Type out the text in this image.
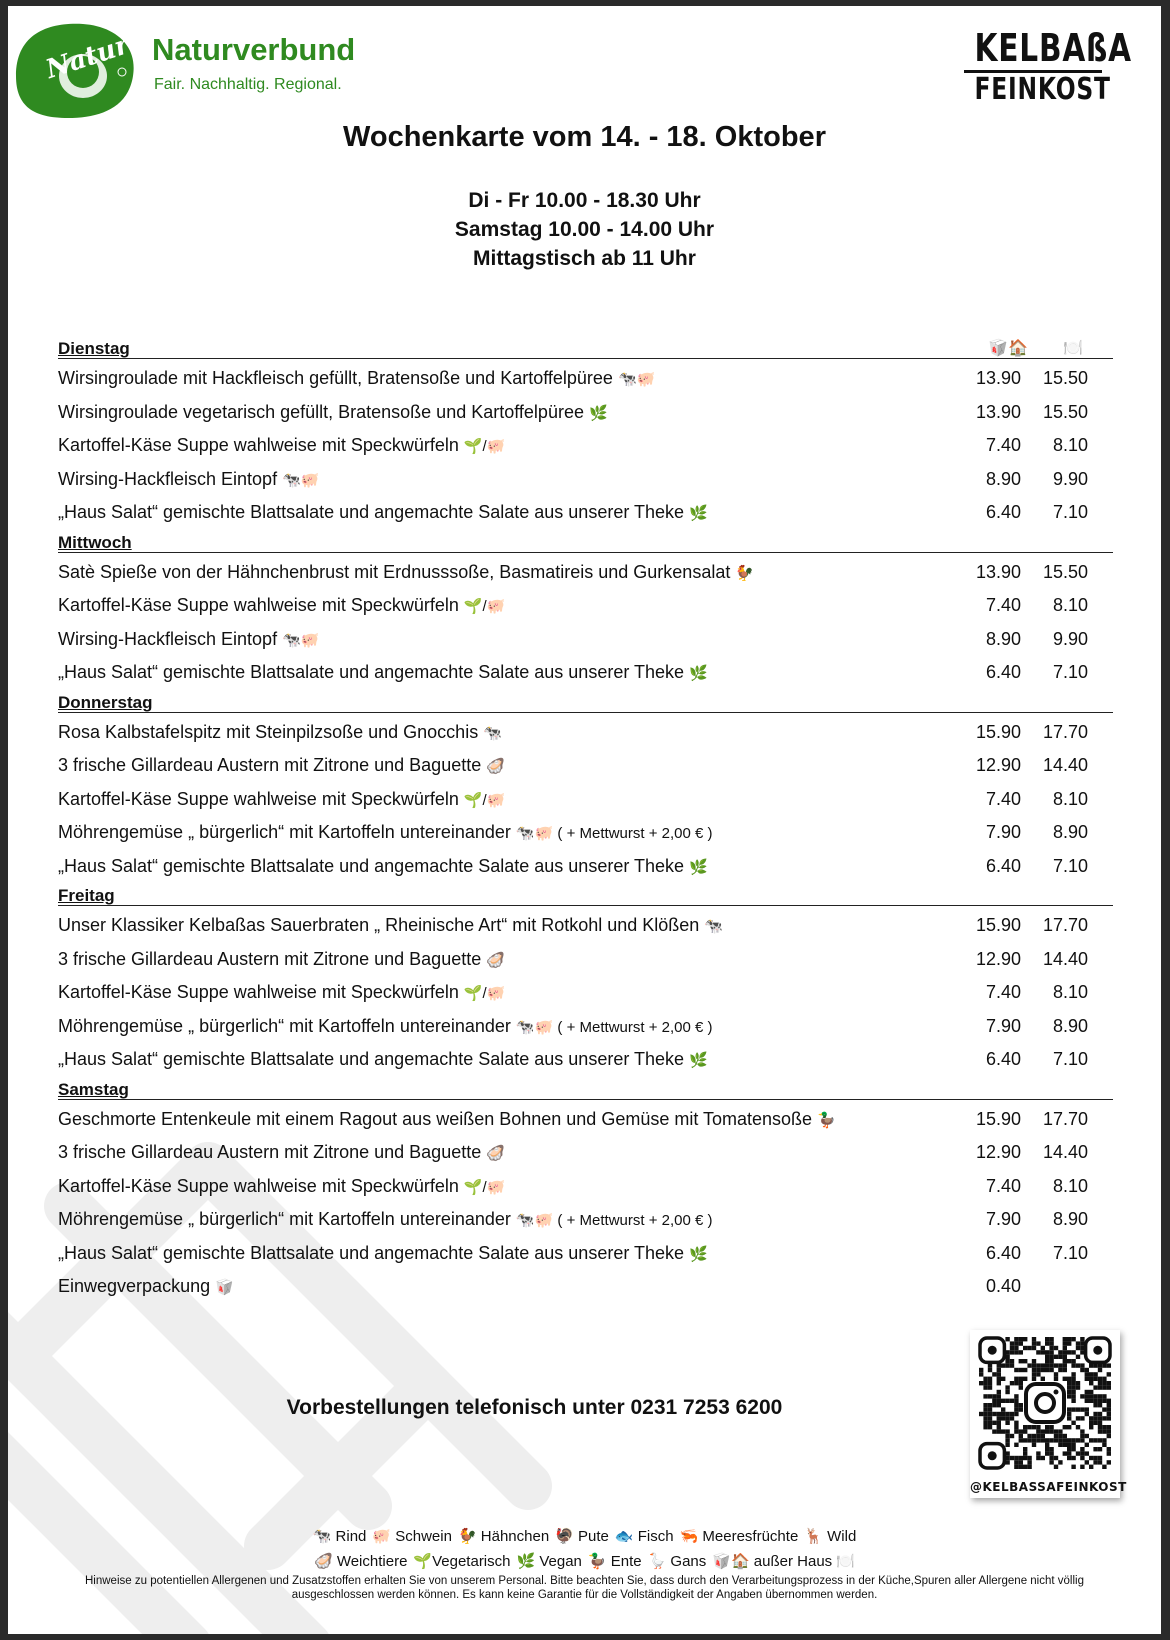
Natur Naturverbund
Fair. Nachhaltig. Regional.
KELBAßA
FEINKOST
Wochenkarte vom 14. - 18. Oktober
Di - Fr 10.00 - 18.30 Uhr
Samstag 10.00 - 14.00 Uhr
Mittagstisch ab 11 Uhr
Dienstag	🥡🏠 🍽️
Wirsingroulade mit Hackfleisch gefüllt, Bratensoße und Kartoffelpüree 🐄🐖	13.90 15.50
Wirsingroulade vegetarisch gefüllt, Bratensoße und Kartoffelpüree 🌿	13.90 15.50
Kartoffel-Käse Suppe wahlweise mit Speckwürfeln 🌱/🐖	7.40 8.10
Wirsing-Hackfleisch Eintopf 🐄🐖	8.90 9.90
„Haus Salat“ gemischte Blattsalate und angemachte Salate aus unserer Theke 🌿	6.40 7.10
Mittwoch
Satè Spieße von der Hähnchenbrust mit Erdnusssoße, Basmatireis und Gurkensalat 🐓	13.90 15.50
Kartoffel-Käse Suppe wahlweise mit Speckwürfeln 🌱/🐖	7.40 8.10
Wirsing-Hackfleisch Eintopf 🐄🐖	8.90 9.90
„Haus Salat“ gemischte Blattsalate und angemachte Salate aus unserer Theke 🌿	6.40 7.10
Donnerstag
Rosa Kalbstafelspitz mit Steinpilzsoße und Gnocchis 🐄	15.90 17.70
3 frische Gillardeau Austern mit Zitrone und Baguette 🦪	12.90 14.40
Kartoffel-Käse Suppe wahlweise mit Speckwürfeln 🌱/🐖	7.40 8.10
Möhrengemüse „ bürgerlich“ mit Kartoffeln untereinander 🐄🐖 ( + Mettwurst + 2,00 € )	7.90 8.90
„Haus Salat“ gemischte Blattsalate und angemachte Salate aus unserer Theke 🌿	6.40 7.10
Freitag
Unser Klassiker Kelbaßas Sauerbraten „ Rheinische Art“ mit Rotkohl und Klößen 🐄	15.90 17.70
3 frische Gillardeau Austern mit Zitrone und Baguette 🦪	12.90 14.40
Kartoffel-Käse Suppe wahlweise mit Speckwürfeln 🌱/🐖	7.40 8.10
Möhrengemüse „ bürgerlich“ mit Kartoffeln untereinander 🐄🐖 ( + Mettwurst + 2,00 € )	7.90 8.90
„Haus Salat“ gemischte Blattsalate und angemachte Salate aus unserer Theke 🌿	6.40 7.10
Samstag
Geschmorte Entenkeule mit einem Ragout aus weißen Bohnen und Gemüse mit Tomatensoße 🦆	15.90 17.70
3 frische Gillardeau Austern mit Zitrone und Baguette 🦪	12.90 14.40
Kartoffel-Käse Suppe wahlweise mit Speckwürfeln 🌱/🐖	7.40 8.10
Möhrengemüse „ bürgerlich“ mit Kartoffeln untereinander 🐄🐖 ( + Mettwurst + 2,00 € )	7.90 8.90
„Haus Salat“ gemischte Blattsalate und angemachte Salate aus unserer Theke 🌿	6.40 7.10
Einwegverpackung 🥡	0.40
Vorbestellungen telefonisch unter 0231 7253 6200
@KELBASSAFEINKOST
🐄 Rind 🐖 Schwein 🐓 Hähnchen 🦃 Pute 🐟 Fisch 🦐 Meeresfrüchte 🦌 Wild
🦪 Weichtiere 🌱Vegetarisch 🌿 Vegan 🦆 Ente 🪿 Gans 🥡🏠 außer Haus 🍽️
Hinweise zu potentiellen Allergenen und Zusatzstoffen erhalten Sie von unserem Personal. Bitte beachten Sie, dass durch den Verarbeitungsprozess in der Küche,Spuren aller Allergene nicht völlig ausgeschlossen werden können. Es kann keine Garantie für die Vollständigkeit der Angaben übernommen werden.
